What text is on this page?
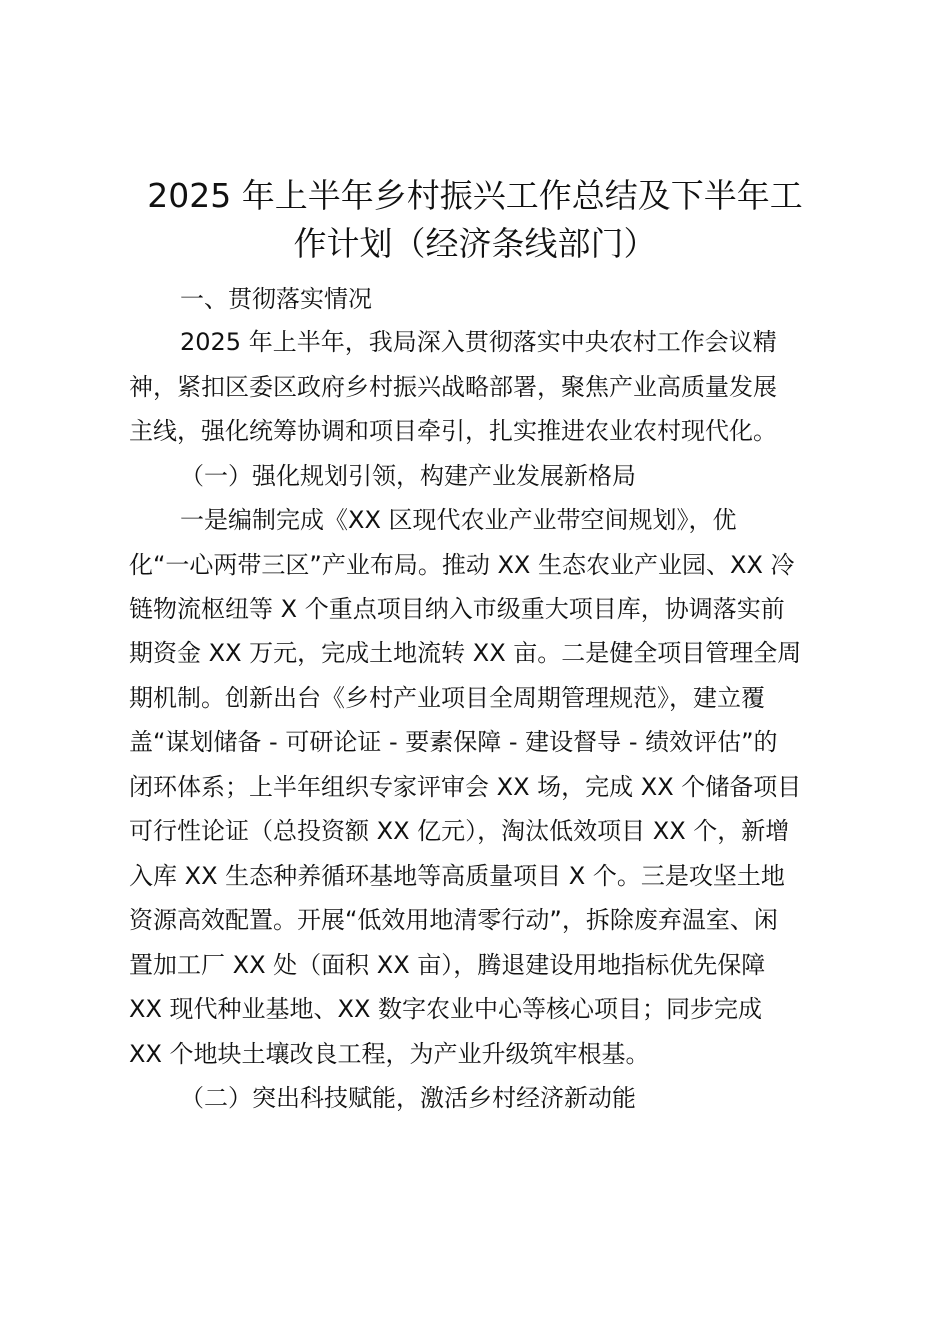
2025 年上半年乡村振兴工作总结及下半年工
作计划（经济条线部门）

一、贯彻落实情况

2025 年上半年，我局深入贯彻落实中央农村工作会议精

神，紧扣区委区政府乡村振兴战略部署，聚焦产业高质量发展

主线，强化统筹协调和项目牵引，扎实推进农业农村现代化。

（一）强化规划引领，构建产业发展新格局

一是编制完成《XX 区现代农业产业带空间规划》，优

化“一心两带三区”产业布局。推动 XX 生态农业产业园、XX 冷

链物流枢纽等 X 个重点项目纳入市级重大项目库，协调落实前

期资金 XX 万元，完成土地流转 XX 亩。二是健全项目管理全周

期机制。创新出台《乡村产业项目全周期管理规范》，建立覆

盖“谋划储备 - 可研论证 - 要素保障 - 建设督导 - 绩效评估”的

闭环体系；上半年组织专家评审会 XX 场，完成 XX 个储备项目

可行性论证（总投资额 XX 亿元），淘汰低效项目 XX 个，新增

入库 XX 生态种养循环基地等高质量项目 X 个。三是攻坚土地

资源高效配置。开展“低效用地清零行动”，拆除废弃温室、闲

置加工厂 XX 处（面积 XX 亩），腾退建设用地指标优先保障

XX 现代种业基地、XX 数字农业中心等核心项目；同步完成

XX 个地块土壤改良工程，为产业升级筑牢根基。

（二）突出科技赋能，激活乡村经济新动能
